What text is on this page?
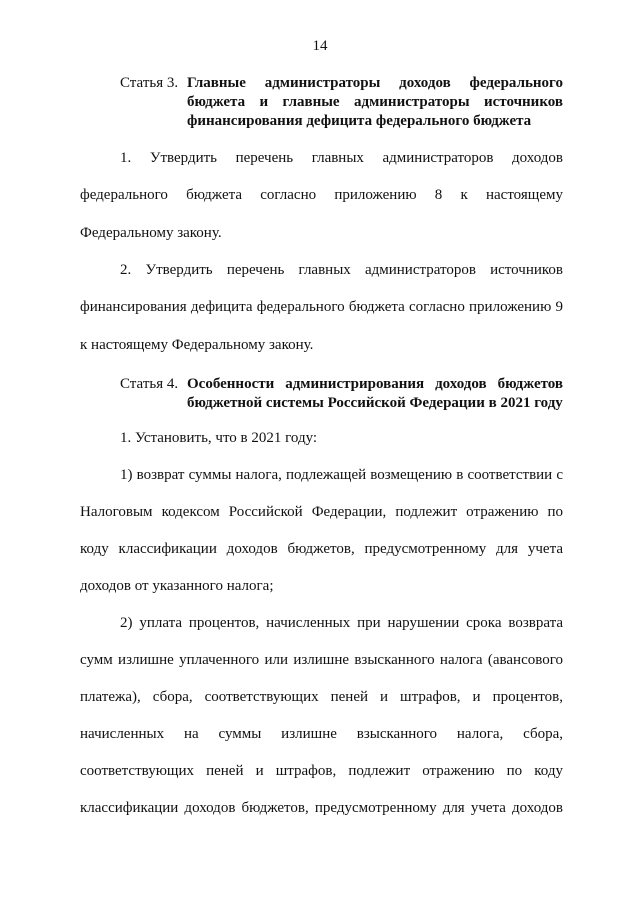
14
Статья 3. Главные администраторы доходов федерального
бюджета и главные администраторы источников
финансирования дефицита федерального бюджета
1. Утвердить перечень главных администраторов доходов
федерального бюджета согласно приложению 8 к настоящему
Федеральному закону.
2. Утвердить перечень главных администраторов источников
финансирования дефицита федерального бюджета согласно приложению 9
к настоящему Федеральному закону.
Статья 4. Особенности администрирования доходов бюджетов
бюджетной системы Российской Федерации в 2021 году
1. Установить, что в 2021 году:
1) возврат суммы налога, подлежащей возмещению в соответствии с
Налоговым кодексом Российской Федерации, подлежит отражению по
коду классификации доходов бюджетов, предусмотренному для учета
доходов от указанного налога;
2) уплата процентов, начисленных при нарушении срока возврата
сумм излишне уплаченного или излишне взысканного налога (авансового
платежа), сбора, соответствующих пеней и штрафов, и процентов,
начисленных на суммы излишне взысканного налога, сбора,
соответствующих пеней и штрафов, подлежит отражению по коду
классификации доходов бюджетов, предусмотренному для учета доходов
